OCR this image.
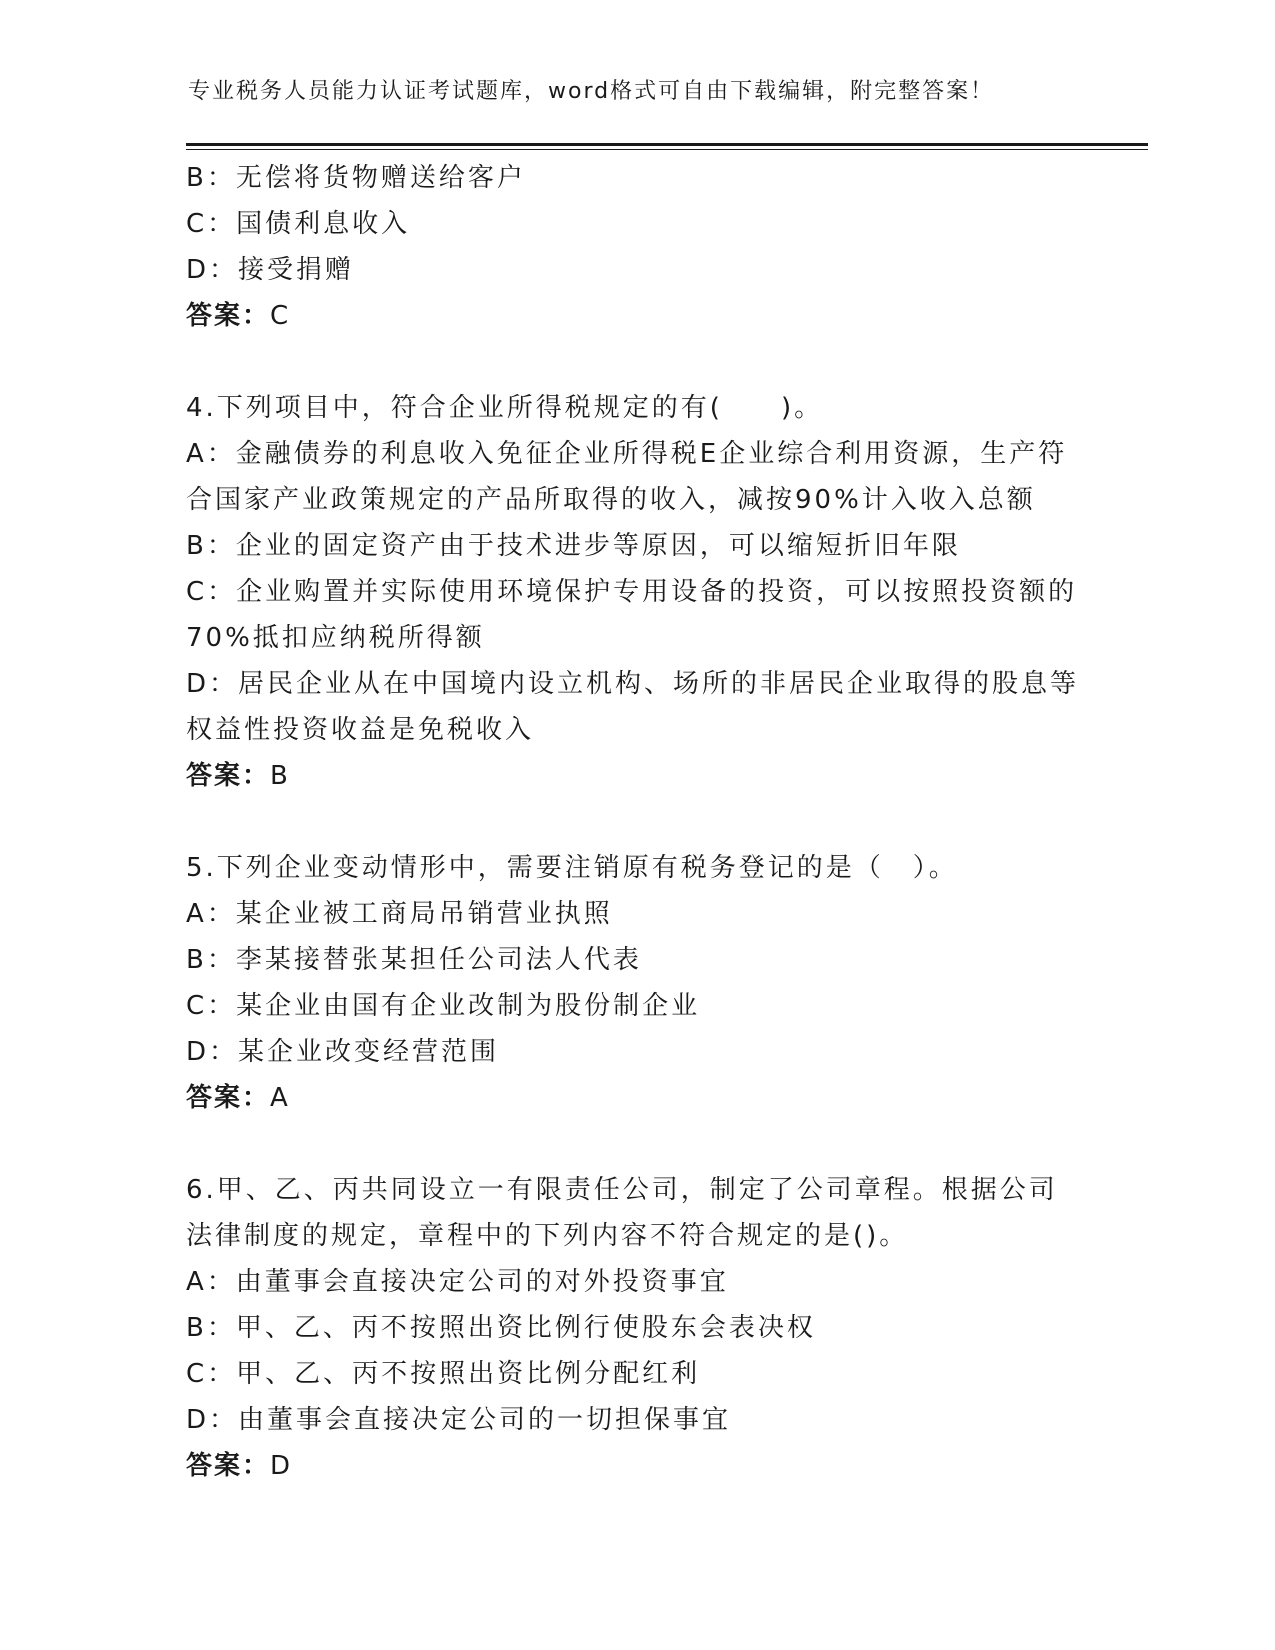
专业税务人员能力认证考试题库，word格式可自由下载编辑，附完整答案！
B：无偿将货物赠送给客户
C：国债利息收入
D：接受捐赠
答案：C
4.下列项目中，符合企业所得税规定的有(　　)。
A：金融债券的利息收入免征企业所得税E企业综合利用资源，生产符
合国家产业政策规定的产品所取得的收入，减按90%计入收入总额
B：企业的固定资产由于技术进步等原因，可以缩短折旧年限
C：企业购置并实际使用环境保护专用设备的投资，可以按照投资额的
70%抵扣应纳税所得额
D：居民企业从在中国境内设立机构、场所的非居民企业取得的股息等
权益性投资收益是免税收入
答案：B
5.下列企业变动情形中，需要注销原有税务登记的是（　）。
A：某企业被工商局吊销营业执照
B：李某接替张某担任公司法人代表
C：某企业由国有企业改制为股份制企业
D：某企业改变经营范围
答案：A
6.甲、乙、丙共同设立一有限责任公司，制定了公司章程。根据公司
法律制度的规定，章程中的下列内容不符合规定的是()。
A：由董事会直接决定公司的对外投资事宜
B：甲、乙、丙不按照出资比例行使股东会表决权
C：甲、乙、丙不按照出资比例分配红利
D：由董事会直接决定公司的一切担保事宜
答案：D
